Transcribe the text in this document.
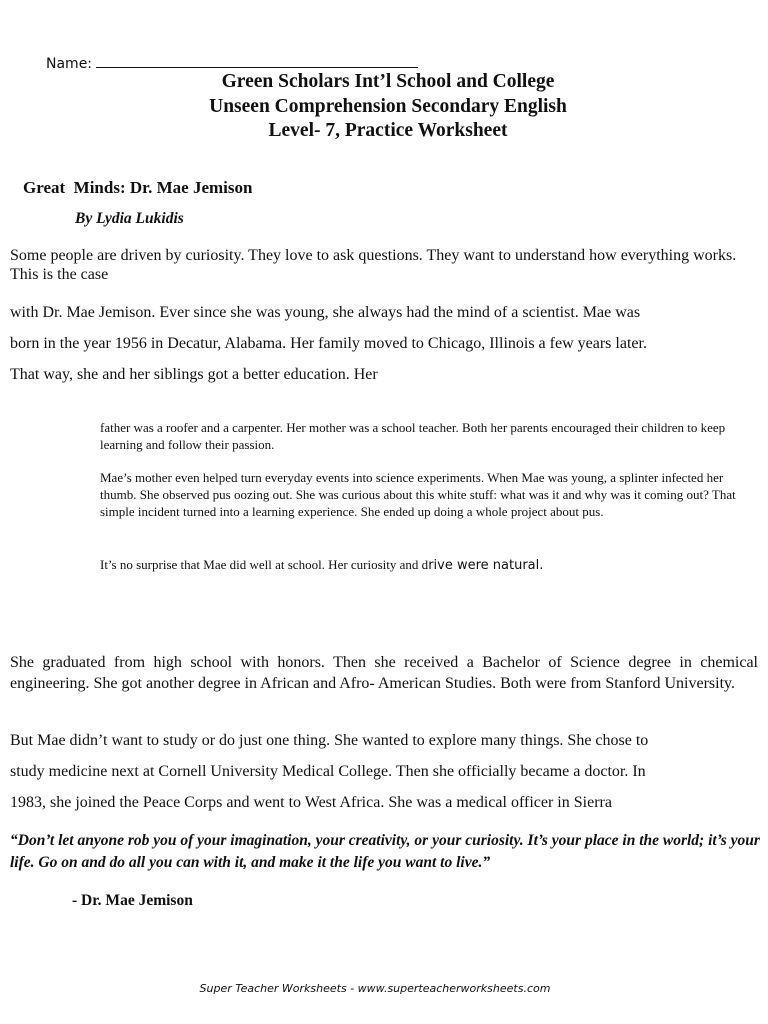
Name:
Green Scholars Int’l School and College
Unseen Comprehension Secondary English
Level- 7, Practice Worksheet
Great  Minds: Dr. Mae Jemison
By Lydia Lukidis
Some people are driven by curiosity. They love to ask questions. They want to understand how everything works. This is the case
with Dr. Mae Jemison. Ever since she was young, she always had the mind of a scientist. Mae was
born in the year 1956 in Decatur, Alabama. Her family moved to Chicago, Illinois a few years later.
That way, she and her siblings got a better education. Her
father was a roofer and a carpenter. Her mother was a school teacher. Both her parents encouraged their children to keep learning and follow their passion.
Mae’s mother even helped turn everyday events into science experiments. When Mae was young, a splinter infected her thumb. She observed pus oozing out. She was curious about this white stuff: what was it and why was it coming out? That simple incident turned into a learning experience. She ended up doing a whole project about pus.
It’s no surprise that Mae did well at school. Her curiosity and drive were natural.
She graduated from high school with honors. Then she received a Bachelor of Science degree in chemical engineering. She got another degree in African and Afro- American Studies. Both were from Stanford University.
But Mae didn’t want to study or do just one thing. She wanted to explore many things. She chose to
study medicine next at Cornell University Medical College. Then she officially became a doctor. In
1983, she joined the Peace Corps and went to West Africa. She was a medical officer in Sierra
“Don’t let anyone rob you of your imagination, your creativity, or your curiosity. It’s your place in the world; it’s your life. Go on and do all you can with it, and make it the life you want to live.”
- Dr. Mae Jemison
Super Teacher Worksheets - www.superteacherworksheets.com
